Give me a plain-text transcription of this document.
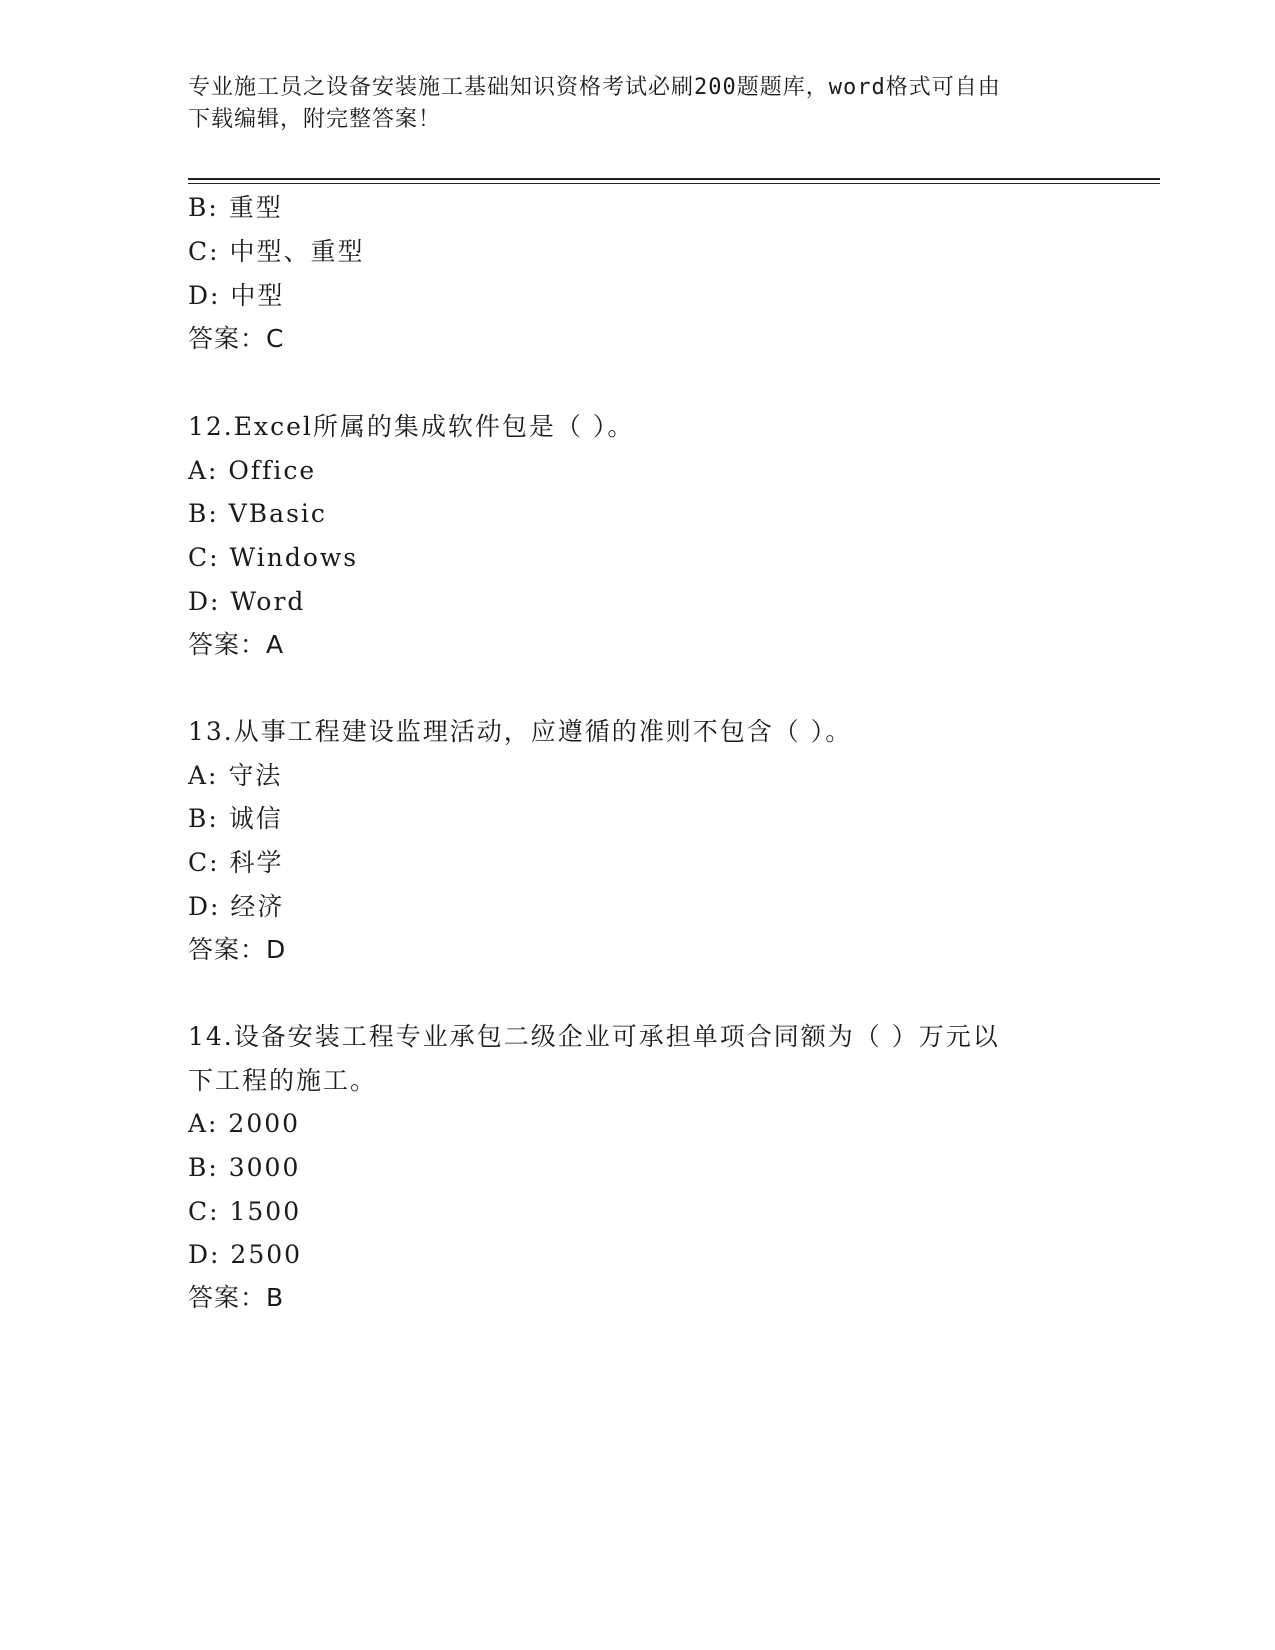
专业施工员之设备安装施工基础知识资格考试必刷200题题库，word格式可自由
下载编辑，附完整答案！
B: 重型
C: 中型、重型
D: 中型
答案：C
12.Excel所属的集成软件包是（ ）。
A: Office
B: VBasic
C: Windows
D: Word
答案：A
13.从事工程建设监理活动，应遵循的准则不包含（ ）。
A: 守法
B: 诚信
C: 科学
D: 经济
答案：D
14.设备安装工程专业承包二级企业可承担单项合同额为（ ）万元以
下工程的施工。
A: 2000
B: 3000
C: 1500
D: 2500
答案：B
